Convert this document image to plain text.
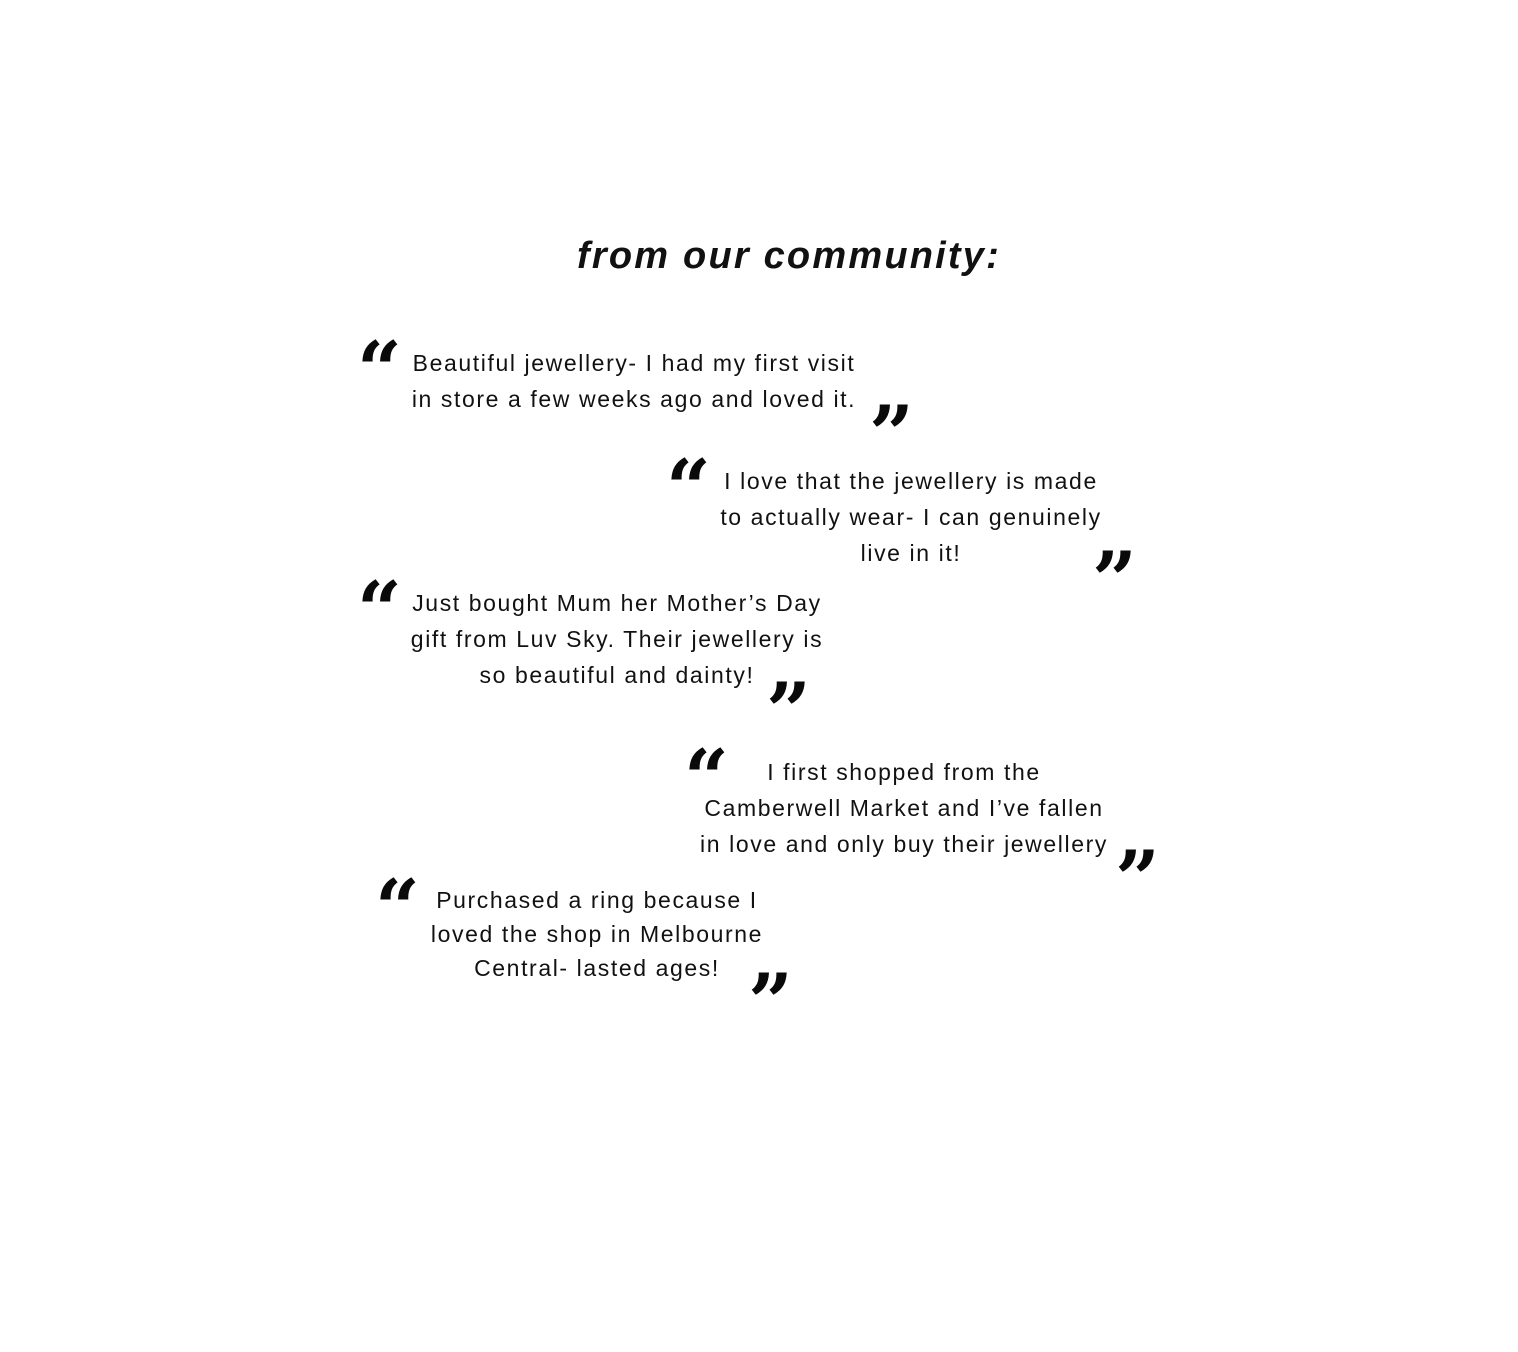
from our community:
“ Beautiful jewellery- I had my first visit
in store a few weeks ago and loved it. ”
“ I love that the jewellery is made
to actually wear- I can genuinely
live in it!	”
“ Just bought Mum her Mother’s Day
gift from Luv Sky. Their jewellery is
so beautiful and dainty! ”
“	I first shopped from the
Camberwell Market and I’ve fallen
in love and only buy their jewellery ”
“ Purchased a ring because I
loved the shop in Melbourne
Central- lasted ages! ”
